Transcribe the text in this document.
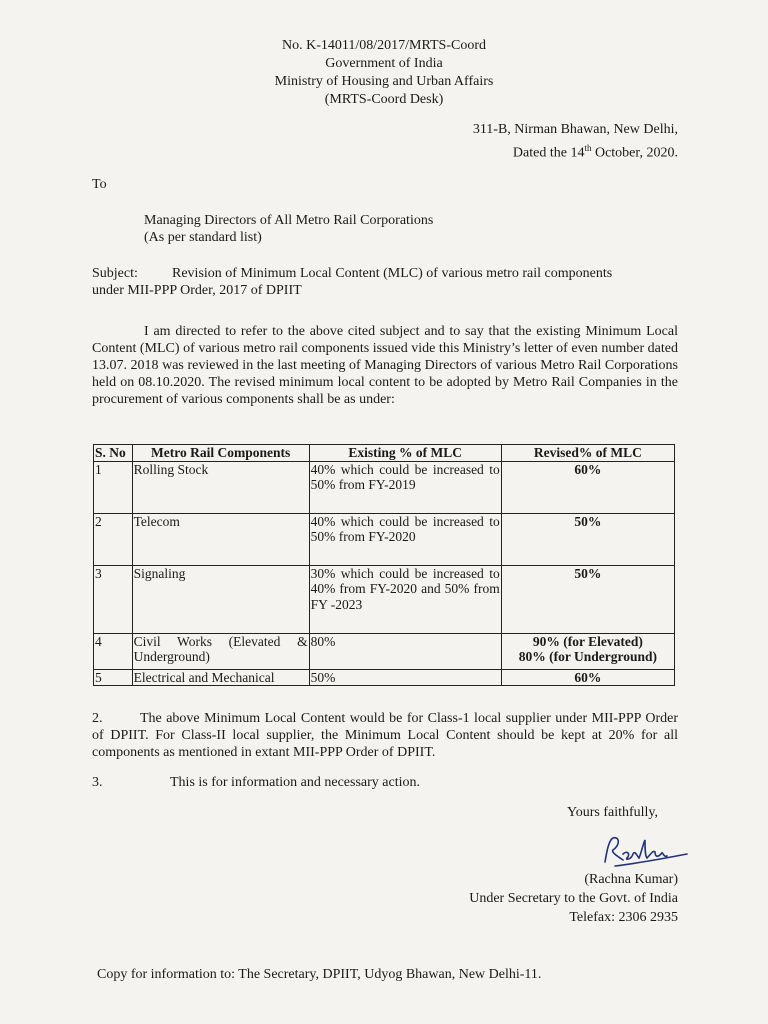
No. K-14011/08/2017/MRTS-Coord
Government of India
Ministry of Housing and Urban Affairs
(MRTS-Coord Desk)
311-B, Nirman Bhawan, New Delhi,
Dated the 14th October, 2020.
To
Managing Directors of All Metro Rail Corporations
(As per standard list)
Subject: Revision of Minimum Local Content (MLC) of various metro rail components
under MII-PPP Order, 2017 of DPIIT
I am directed to refer to the above cited subject and to say that the existing Minimum Local Content (MLC) of various metro rail components issued vide this Ministry’s letter of even number dated 13.07. 2018 was reviewed in the last meeting of Managing Directors of various Metro Rail Corporations held on 08.10.2020. The revised minimum local content to be adopted by Metro Rail Companies in the procurement of various components shall be as under:
S. No	Metro Rail Components	Existing % of MLC	Revised% of MLC
1	Rolling Stock	40% which could be increased to 50% from FY-2019	60%
2	Telecom	40% which could be increased to 50% from FY-2020	50%
3	Signaling	30% which could be increased to 40% from FY-2020 and 50% from FY -2023	50%
4	Civil Works (Elevated & Underground)	80%	90% (for Elevated)
80% (for Underground)

5	Electrical and Mechanical	50%	60%
2.	The above Minimum Local Content would be for Class-1 local supplier under MII-PPP Order of DPIIT. For Class-II local supplier, the Minimum Local Content should be kept at 20% for all components as mentioned in extant MII-PPP Order of DPIIT.
3.	This is for information and necessary action.
Yours faithfully,
(Rachna Kumar)
Under Secretary to the Govt. of India
Telefax: 2306 2935
Copy for information to: The Secretary, DPIIT, Udyog Bhawan, New Delhi-11.
